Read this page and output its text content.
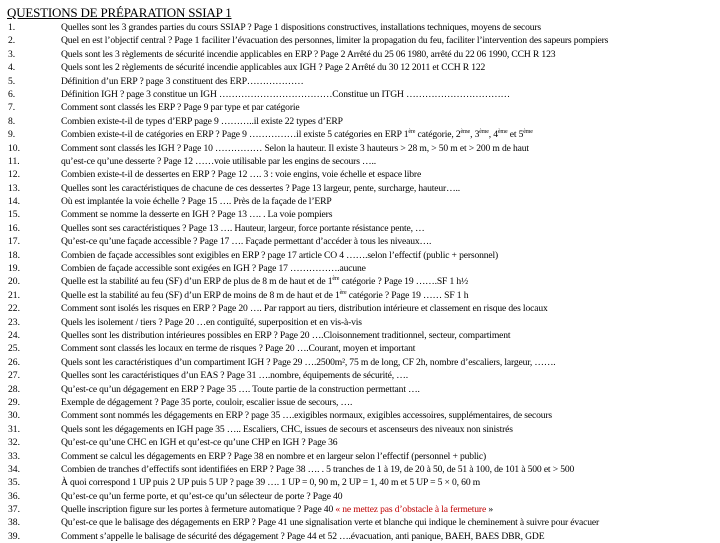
QUESTIONS DE PRÉPARATION SSIAP 1
1.	Quelles sont les 3 grandes parties du cours SSIAP ? Page 1 dispositions constructives, installations techniques, moyens de secours
2.	Quel en est l’objectif central ? Page 1 faciliter l’évacuation des personnes, limiter la propagation du feu, faciliter l’intervention des sapeurs pompiers
3.	Quels sont les 3 règlements de sécurité incendie applicables en ERP ? Page 2 Arrêté du 25 06 1980, arrêté du 22 06 1990, CCH R 123
4.	Quels sont les 2 règlements de sécurité incendie applicables aux IGH ? Page 2 Arrêté du 30 12 2011 et CCH R 122
5.	Définition d’un ERP ? page 3 constituent des ERP………………
6.	Définition IGH ? page 3 constitue un IGH ………………………………Constitue un ITGH ……………………………
7.	Comment sont classés les ERP ? Page 9 par type et par catégorie
8.	Combien existe-t-il de types d’ERP page 9 ………..il existe 22 types d’ERP
9.	Combien existe-t-il de catégories en ERP ? Page 9 ……………il existe 5 catégories en ERP 1ère catégorie, 2ème, 3ème, 4ème et 5ème
10.	Comment sont classés les IGH ? Page 10 …………… Selon la hauteur. Il existe 3 hauteurs > 28 m, > 50 m et > 200 m de haut
11.	qu’est-ce qu’une desserte ? Page 12 ……voie utilisable par les engins de secours …..
12.	Combien existe-t-il de dessertes en ERP ? Page 12 …. 3 : voie engins, voie échelle et espace libre
13.	Quelles sont les caractéristiques de chacune de ces dessertes ? Page 13 largeur, pente, surcharge, hauteur…..
14.	Où est implantée la voie échelle ? Page 15 …. Près de la façade de l’ERP
15.	Comment se nomme la desserte en IGH ? Page 13 …. . La voie pompiers
16.	Quelles sont ses caractéristiques ? Page 13 …. Hauteur, largeur, force portante résistance pente, …
17.	Qu’est-ce qu’une façade accessible ? Page 17 …. Façade permettant d’accéder à tous les niveaux….
18.	Combien de façade accessibles sont exigibles en ERP ? page 17 article CO 4 …….selon l’effectif (public + personnel)
19.	Combien de façade accessible sont exigées en IGH ? Page 17 …………….aucune
20.	Quelle est la stabilité au feu (SF) d’un ERP de plus de 8 m de haut et de 1ère catégorie ? Page 19 …….SF 1 h½
21.	Quelle est la stabilité au feu (SF) d’un ERP de moins de 8 m de haut et de 1ère catégorie ? Page 19 …… SF 1 h
22.	Comment sont isolés les risques en ERP ? Page 20 …. Par rapport au tiers, distribution intérieure et classement en risque des locaux
23.	Quels les isolement / tiers ? Page 20 …en contiguïté, superposition et en vis-à-vis
24.	Quelles sont les distribution intérieures possibles en ERP ? Page 20 ….Cloisonnement traditionnel, secteur, compartiment
25.	Comment sont classés les locaux en terme de risques ? Page 20 ….Courant, moyen et important
26.	Quels sont les caractéristiques d’un compartiment IGH ? Page 29 ….2500m², 75 m de long, CF 2h, nombre d’escaliers, largeur, …….
27.	Quelles sont les caractéristiques d’un EAS ? Page 31 ….nombre, équipements de sécurité, ….
28.	Qu’est-ce qu’un dégagement en ERP ? Page 35 …. Toute partie de la construction permettant ….
29.	Exemple de dégagement ? Page 35 porte, couloir, escalier issue de secours, ….
30.	Comment sont nommés les dégagements en ERP ? page 35 ….exigibles normaux, exigibles accessoires, supplémentaires, de secours
31.	Quels sont les dégagements en IGH page 35 ….. Escaliers, CHC, issues de secours et ascenseurs des niveaux non sinistrés
32.	Qu’est-ce qu’une CHC en IGH et qu’est-ce qu’une CHP en IGH ? Page 36
33.	Comment se calcul les dégagements en ERP ? Page 38 en nombre et en largeur selon l’effectif (personnel + public)
34.	Combien de tranches d’effectifs sont identifiées en ERP ? Page 38 …. . 5 tranches de 1 à 19, de 20 à 50, de 51 à 100, de 101 à 500 et > 500
35.	À quoi correspond 1 UP puis 2 UP puis 5 UP ? page 39 …. 1 UP = 0, 90 m, 2 UP = 1, 40 m et 5 UP = 5 × 0, 60 m
36.	Qu’est-ce qu’un ferme porte, et qu’est-ce qu’un sélecteur de porte ? Page 40
37.	Quelle inscription figure sur les portes à fermeture automatique ? Page 40 « ne mettez pas d’obstacle à la fermeture »
38.	Qu’est-ce que le balisage des dégagements en ERP ? Page 41 une signalisation verte et blanche qui indique le cheminement à suivre pour évacuer
39.	Comment s’appelle le balisage de sécurité des dégagement ? Page 44 et 52 ….évacuation, anti panique, BAEH, BAES DBR, GDE
